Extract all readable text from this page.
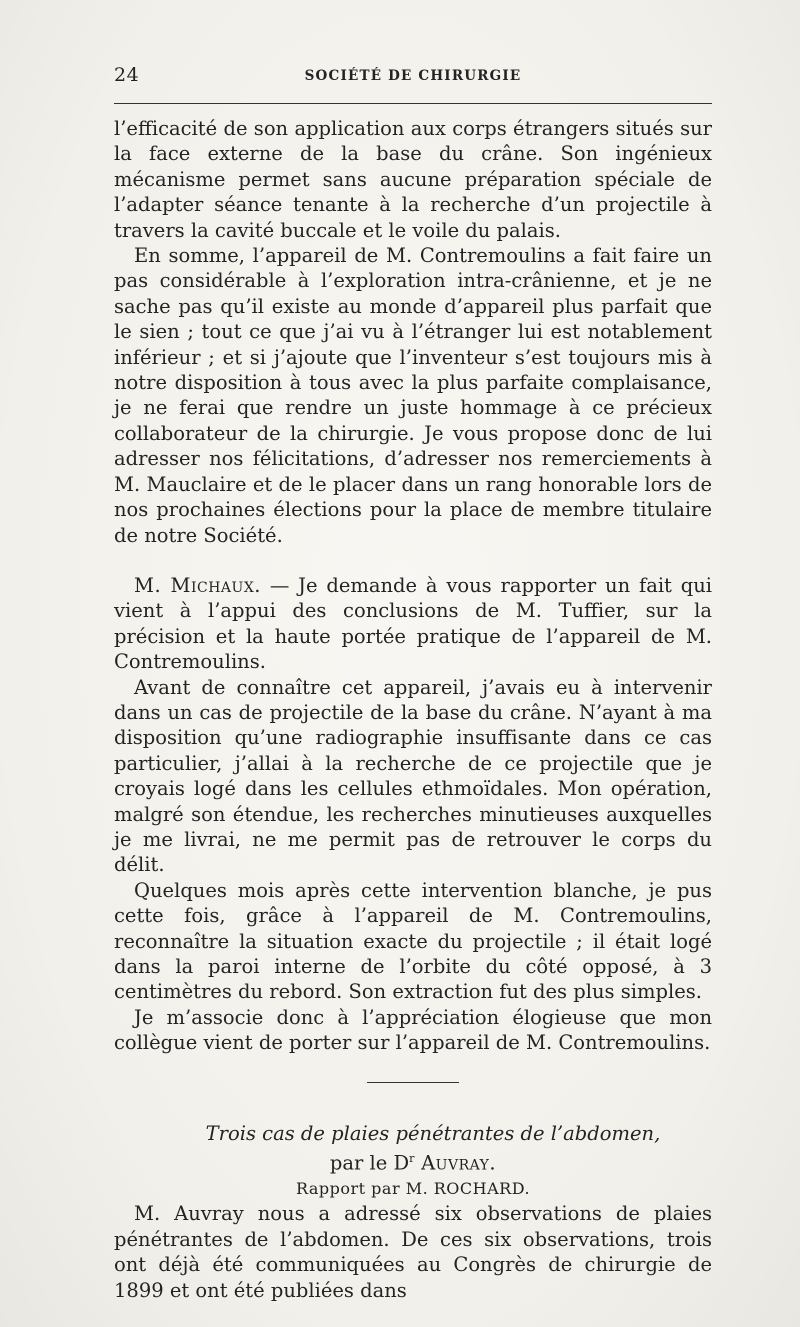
24	SOCIÉTÉ DE CHIRURGIE

l’efficacité de son application aux corps étrangers situés sur la face externe de la base du crâne. Son ingénieux mécanisme permet sans aucune préparation spéciale de l’adapter séance tenante à la recherche d’un projectile à travers la cavité buccale et le voile du palais.

En somme, l’appareil de M. Contremoulins a fait faire un pas considérable à l’exploration intra-crânienne, et je ne sache pas qu’il existe au monde d’appareil plus parfait que le sien ; tout ce que j’ai vu à l’étranger lui est notablement inférieur ; et si j’ajoute que l’inventeur s’est toujours mis à notre disposition à tous avec la plus parfaite complaisance, je ne ferai que rendre un juste hommage à ce précieux collaborateur de la chirurgie. Je vous propose donc de lui adresser nos félicitations, d’adresser nos remerciements à M. Mauclaire et de le placer dans un rang honorable lors de nos prochaines élections pour la place de membre titulaire de notre Société.

M. Michaux. — Je demande à vous rapporter un fait qui vient à l’appui des conclusions de M. Tuffier, sur la précision et la haute portée pratique de l’appareil de M. Contremoulins.

Avant de connaître cet appareil, j’avais eu à intervenir dans un cas de projectile de la base du crâne. N’ayant à ma disposition qu’une radiographie insuffisante dans ce cas particulier, j’allai à la recherche de ce projectile que je croyais logé dans les cellules ethmoïdales. Mon opération, malgré son étendue, les recherches minutieuses auxquelles je me livrai, ne me permit pas de retrouver le corps du délit.

Quelques mois après cette intervention blanche, je pus cette fois, grâce à l’appareil de M. Contremoulins, reconnaître la situation exacte du projectile ; il était logé dans la paroi interne de l’orbite du côté opposé, à 3 centimètres du rebord. Son extraction fut des plus simples.

Je m’associe donc à l’appréciation élogieuse que mon collègue vient de porter sur l’appareil de M. Contremoulins.

Trois cas de plaies pénétrantes de l’abdomen,

par le $D^r$ Auvray.

Rapport par M. ROCHARD.

M. Auvray nous a adressé six observations de plaies pénétrantes de l’abdomen. De ces six observations, trois ont déjà été communiquées au Congrès de chirurgie de 1899 et ont été publiées dans
